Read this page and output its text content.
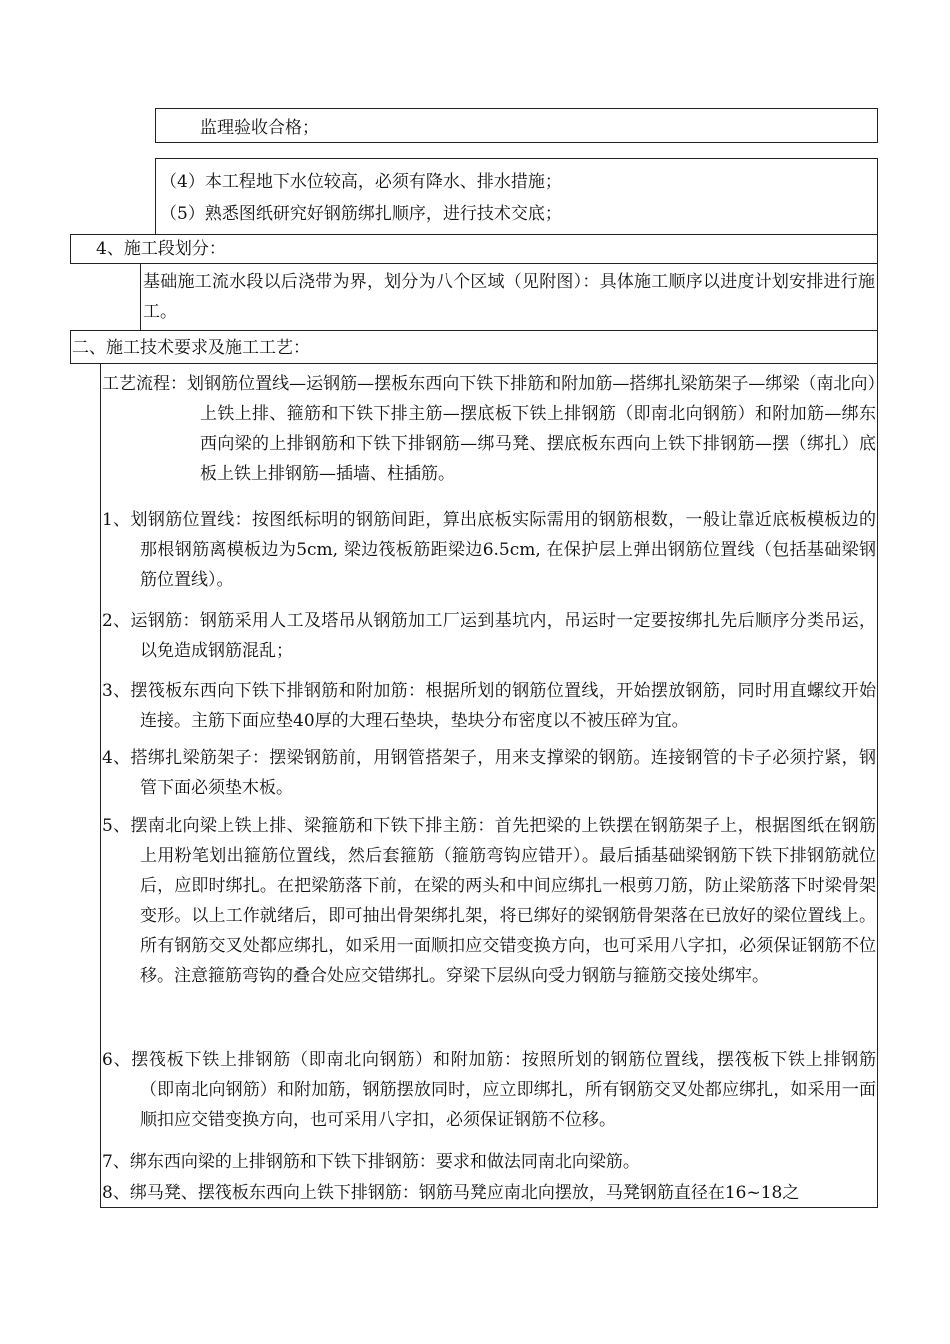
监理验收合格；
（4）本工程地下水位较高，必须有降水、排水措施；
（5）熟悉图纸研究好钢筋绑扎顺序，进行技术交底；
4、施工段划分：
基础施工流水段以后浇带为界，划分为八个区域（见附图）：具体施工顺序以进度计划安排进行施工。
二、施工技术要求及施工工艺：
工艺流程：划钢筋位置线—运钢筋—摆板东西向下铁下排筋和附加筋—搭绑扎梁筋架子—绑梁（南北向）上铁上排、箍筋和下铁下排主筋—摆底板下铁上排钢筋（即南北向钢筋）和附加筋—绑东西向梁的上排钢筋和下铁下排钢筋—绑马凳、摆底板东西向上铁下排钢筋—摆（绑扎）底板上铁上排钢筋—插墙、柱插筋。
1、划钢筋位置线：按图纸标明的钢筋间距，算出底板实际需用的钢筋根数，一般让靠近底板模板边的那根钢筋离模板边为5cm, 梁边筏板筋距梁边6.5cm, 在保护层上弹出钢筋位置线（包括基础梁钢筋位置线）。
2、运钢筋：钢筋采用人工及塔吊从钢筋加工厂运到基坑内，吊运时一定要按绑扎先后顺序分类吊运，以免造成钢筋混乱；
3、摆筏板东西向下铁下排钢筋和附加筋：根据所划的钢筋位置线，开始摆放钢筋，同时用直螺纹开始连接。主筋下面应垫40厚的大理石垫块，垫块分布密度以不被压碎为宜。
4、搭绑扎梁筋架子：摆梁钢筋前，用钢管搭架子，用来支撑梁的钢筋。连接钢管的卡子必须拧紧，钢管下面必须垫木板。
5、摆南北向梁上铁上排、梁箍筋和下铁下排主筋：首先把梁的上铁摆在钢筋架子上，根据图纸在钢筋上用粉笔划出箍筋位置线，然后套箍筋（箍筋弯钩应错开）。最后插基础梁钢筋下铁下排钢筋就位后，应即时绑扎。在把梁筋落下前，在梁的两头和中间应绑扎一根剪刀筋，防止梁筋落下时梁骨架变形。以上工作就绪后，即可抽出骨架绑扎架，将已绑好的梁钢筋骨架落在已放好的梁位置线上。所有钢筋交叉处都应绑扎，如采用一面顺扣应交错变换方向，也可采用八字扣，必须保证钢筋不位移。注意箍筋弯钩的叠合处应交错绑扎。穿梁下层纵向受力钢筋与箍筋交接处绑牢。
6、摆筏板下铁上排钢筋（即南北向钢筋）和附加筋：按照所划的钢筋位置线，摆筏板下铁上排钢筋（即南北向钢筋）和附加筋，钢筋摆放同时，应立即绑扎，所有钢筋交叉处都应绑扎，如采用一面顺扣应交错变换方向，也可采用八字扣，必须保证钢筋不位移。
7、绑东西向梁的上排钢筋和下铁下排钢筋：要求和做法同南北向梁筋。
8、绑马凳、摆筏板东西向上铁下排钢筋：钢筋马凳应南北向摆放，马凳钢筋直径在16~18之
